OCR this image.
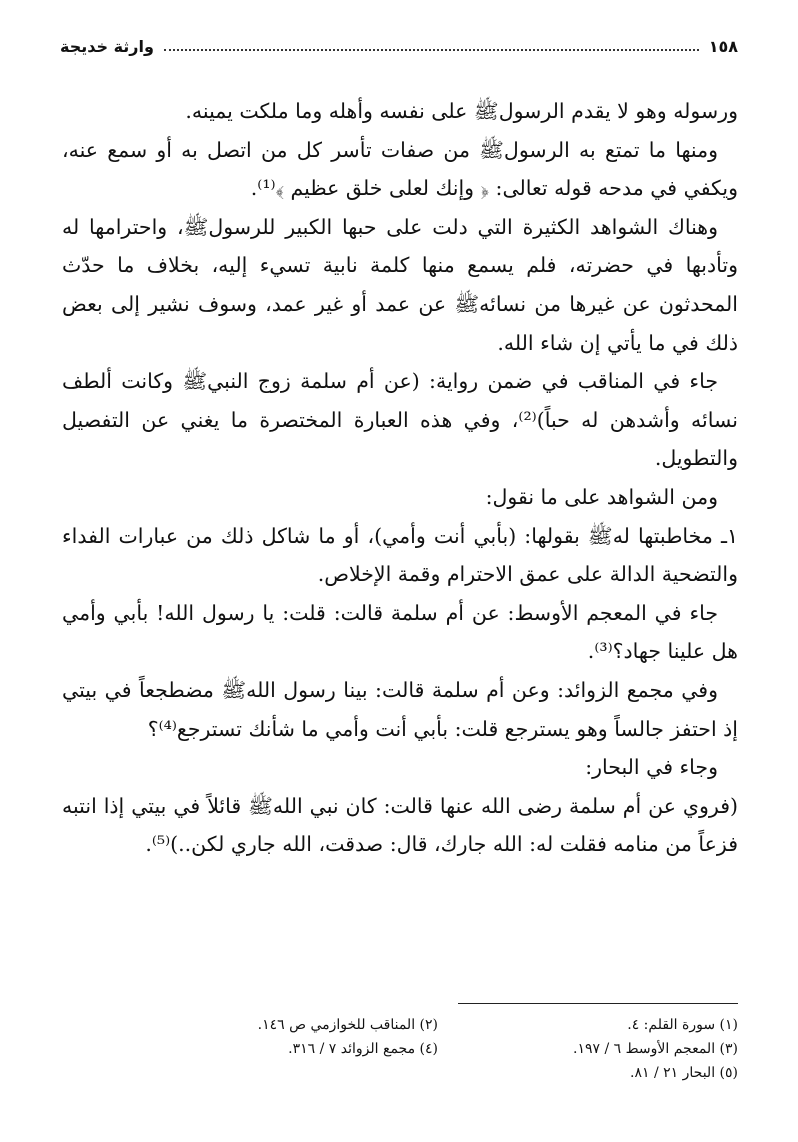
١٥٨
وارثة خديجة

ورسوله وهو لا يقدم الرسولﷺ على نفسه وأهله وما ملكت يمينه.

ومنها ما تمتع به الرسولﷺ من صفات تأسر كل من اتصل به أو سمع عنه، ويكفي في مدحه قوله تعالى: ﴿ وإنك لعلى خلق عظيم ﴾⁽¹⁾.

وهناك الشواهد الكثيرة التي دلت على حبها الكبير للرسولﷺ، واحترامها له وتأدبها في حضرته، فلم يسمع منها كلمة نابية تسيء إليه، بخلاف ما حدّث المحدثون عن غيرها من نسائهﷺ عن عمد أو غير عمد، وسوف نشير إلى بعض ذلك في ما يأتي إن شاء الله.

جاء في المناقب في ضمن رواية: (عن أم سلمة زوج النبيﷺ وكانت ألطف نسائه وأشدهن له حباً)⁽²⁾، وفي هذه العبارة المختصرة ما يغني عن التفصيل والتطويل.

ومن الشواهد على ما نقول:

١ـ مخاطبتها لهﷺ بقولها: (بأبي أنت وأمي)، أو ما شاكل ذلك من عبارات الفداء والتضحية الدالة على عمق الاحترام وقمة الإخلاص.

جاء في المعجم الأوسط: عن أم سلمة قالت: قلت: يا رسول الله! بأبي وأمي هل علينا جهاد؟⁽³⁾.

وفي مجمع الزوائد: وعن أم سلمة قالت: بينا رسول اللهﷺ مضطجعاً في بيتي إذ احتفز جالساً وهو يسترجع قلت: بأبي أنت وأمي ما شأنك تسترجع⁽⁴⁾؟

وجاء في البحار:

(فروي عن أم سلمة رضى الله عنها قالت: كان نبي اللهﷺ قائلاً في بيتي إذا انتبه فزعاً من منامه فقلت له: الله جارك، قال: صدقت، الله جاري لكن..)⁽⁵⁾.

(١) سورة القلم: ٤.
(٢) المناقب للخوازمي ص ١٤٦.
(٣) المعجم الأوسط ٦ / ١٩٧.
(٤) مجمع الزوائد ٧ / ٣١٦.
(٥) البحار ٢١ / ٨١.
